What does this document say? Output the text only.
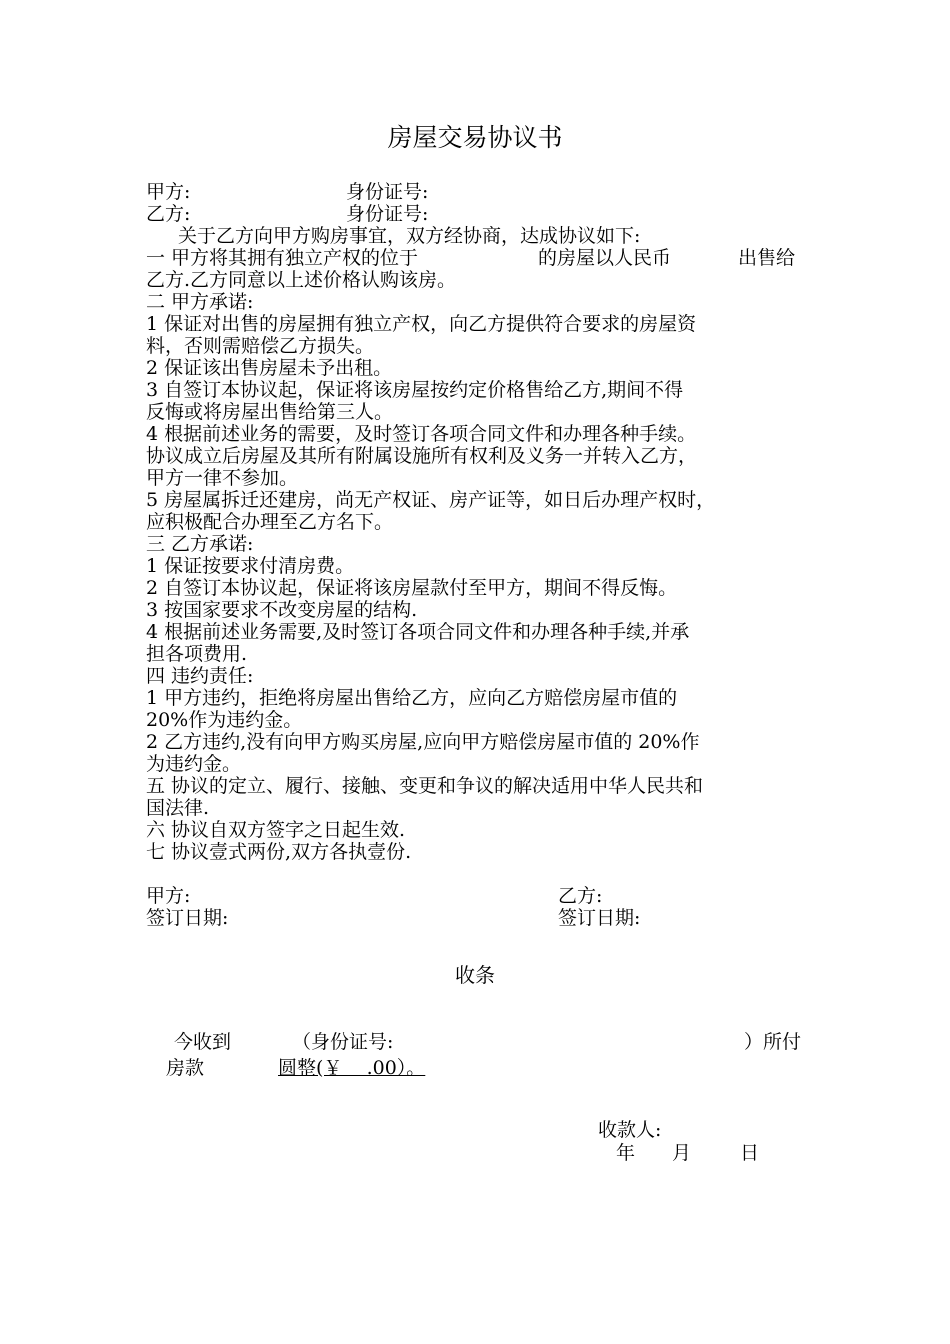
房屋交易协议书
甲方:	身份证号:
乙方:	身份证号:
关于乙方向甲方购房事宜，双方经协商，达成协议如下:
一 甲方将其拥有独立产权的位于	的房屋以人民币	出售给
乙方.乙方同意以上述价格认购该房。
二 甲方承诺:
1 保证对出售的房屋拥有独立产权，向乙方提供符合要求的房屋资
料，否则需赔偿乙方损失。
2 保证该出售房屋未予出租。
3 自签订本协议起，保证将该房屋按约定价格售给乙方,期间不得
反悔或将房屋出售给第三人。
4 根据前述业务的需要，及时签订各项合同文件和办理各种手续。
协议成立后房屋及其所有附属设施所有权利及义务一并转入乙方，
甲方一律不参加。
5 房屋属拆迁还建房，尚无产权证、房产证等，如日后办理产权时，
应积极配合办理至乙方名下。
三 乙方承诺:
1 保证按要求付清房费。
2 自签订本协议起，保证将该房屋款付至甲方，期间不得反悔。
3 按国家要求不改变房屋的结构.
4 根据前述业务需要,及时签订各项合同文件和办理各种手续,并承
担各项费用.
四 违约责任:
1 甲方违约，拒绝将房屋出售给乙方，应向乙方赔偿房屋市值的
20%作为违约金。
2 乙方违约,没有向甲方购买房屋,应向甲方赔偿房屋市值的 20%作
为违约金。
五 协议的定立、履行、接触、变更和争议的解决适用中华人民共和
国法律.
六 协议自双方签字之日起生效.
七 协议壹式两份,双方各执壹份.
甲方:	乙方:
签订日期:	签订日期:
收条
今收到	（身份证号:	）所付
房款	圆整(￥    .00）。
收款人:
年 月	日
